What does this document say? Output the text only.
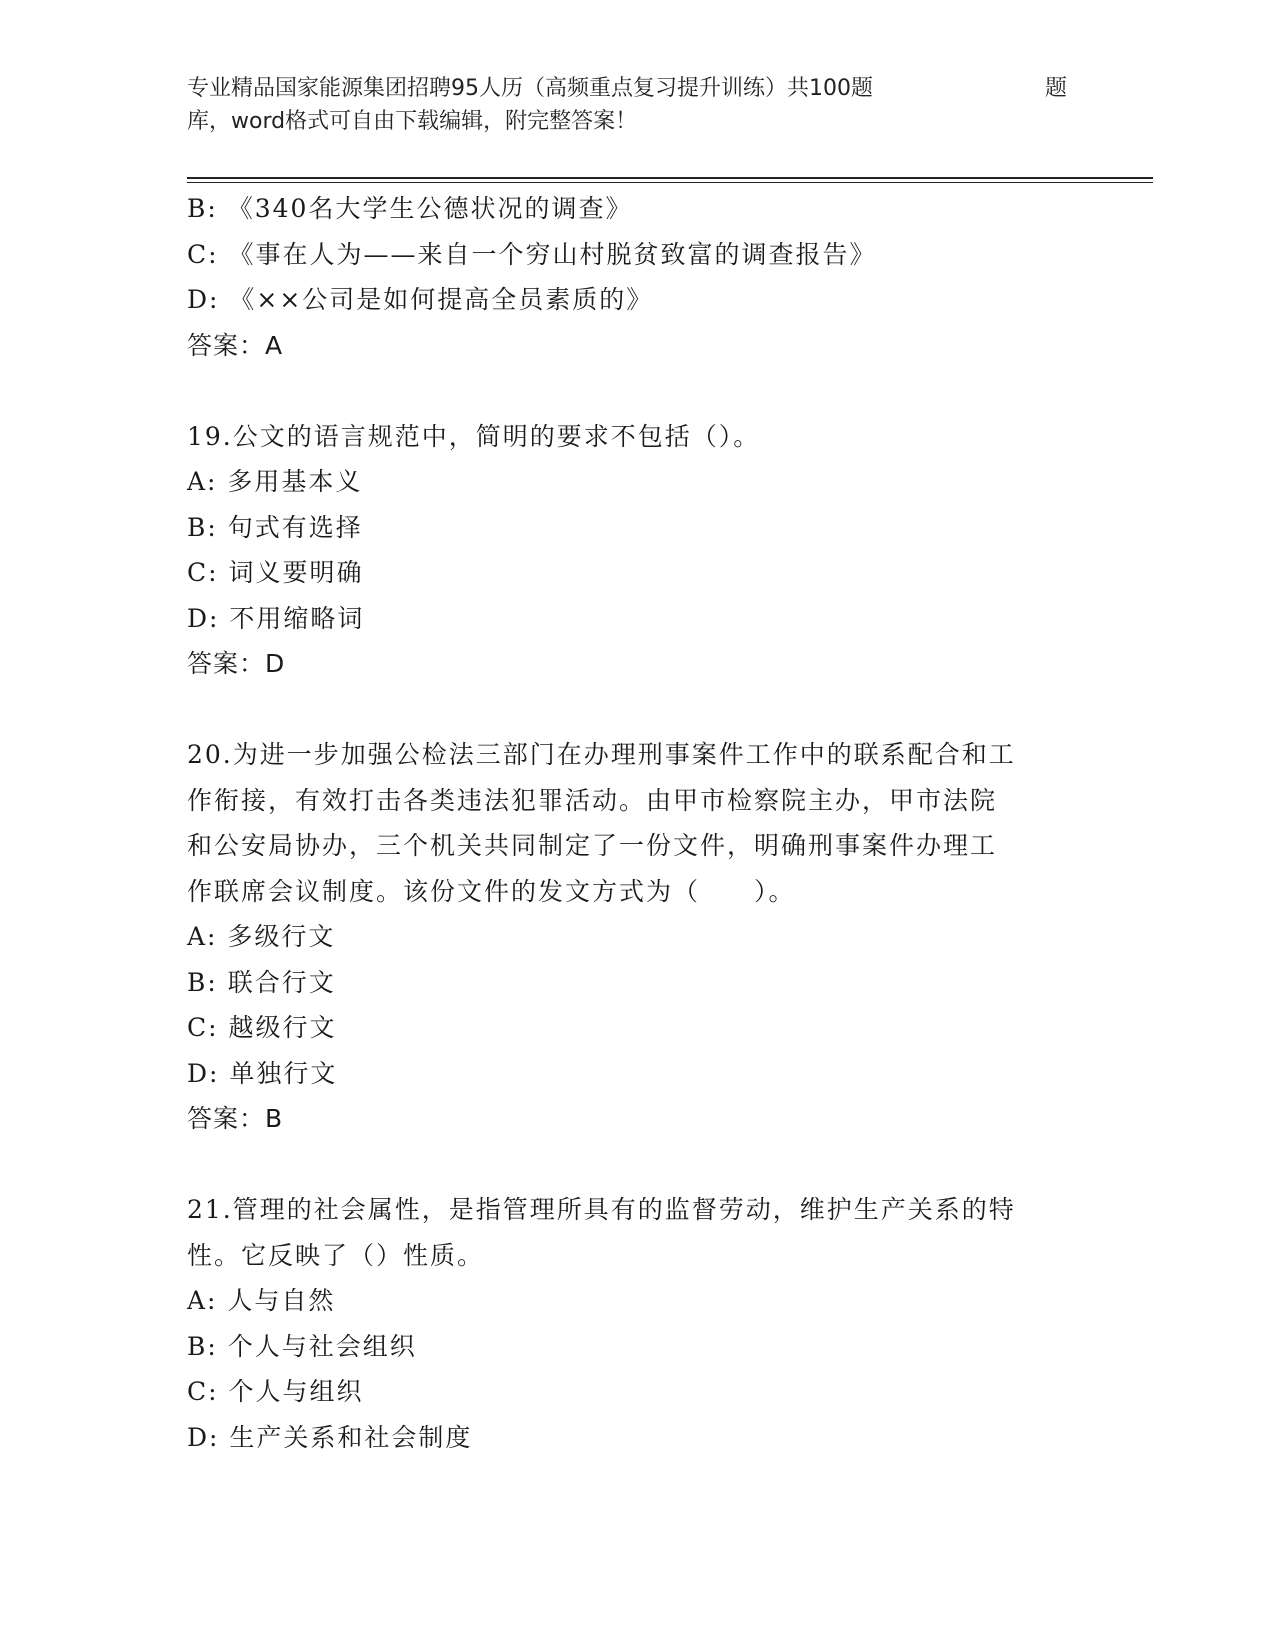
专业精品国家能源集团招聘95人历（高频重点复习提升训练）共100题	题
库，word格式可自由下载编辑，附完整答案！

B: 《340名大学生公德状况的调查》

C: 《事在人为——来自一个穷山村脱贫致富的调查报告》

D: 《××公司是如何提高全员素质的》

答案：A

19.公文的语言规范中，简明的要求不包括（）。

A: 多用基本义

B: 句式有选择

C: 词义要明确

D: 不用缩略词

答案：D

20.为进一步加强公检法三部门在办理刑事案件工作中的联系配合和工

作衔接，有效打击各类违法犯罪活动。由甲市检察院主办，甲市法院

和公安局协办，三个机关共同制定了一份文件，明确刑事案件办理工

作联席会议制度。该份文件的发文方式为（　　）。

A: 多级行文

B: 联合行文

C: 越级行文

D: 单独行文

答案：B

21.管理的社会属性，是指管理所具有的监督劳动，维护生产关系的特

性。它反映了（）性质。

A: 人与自然

B: 个人与社会组织

C: 个人与组织

D: 生产关系和社会制度
